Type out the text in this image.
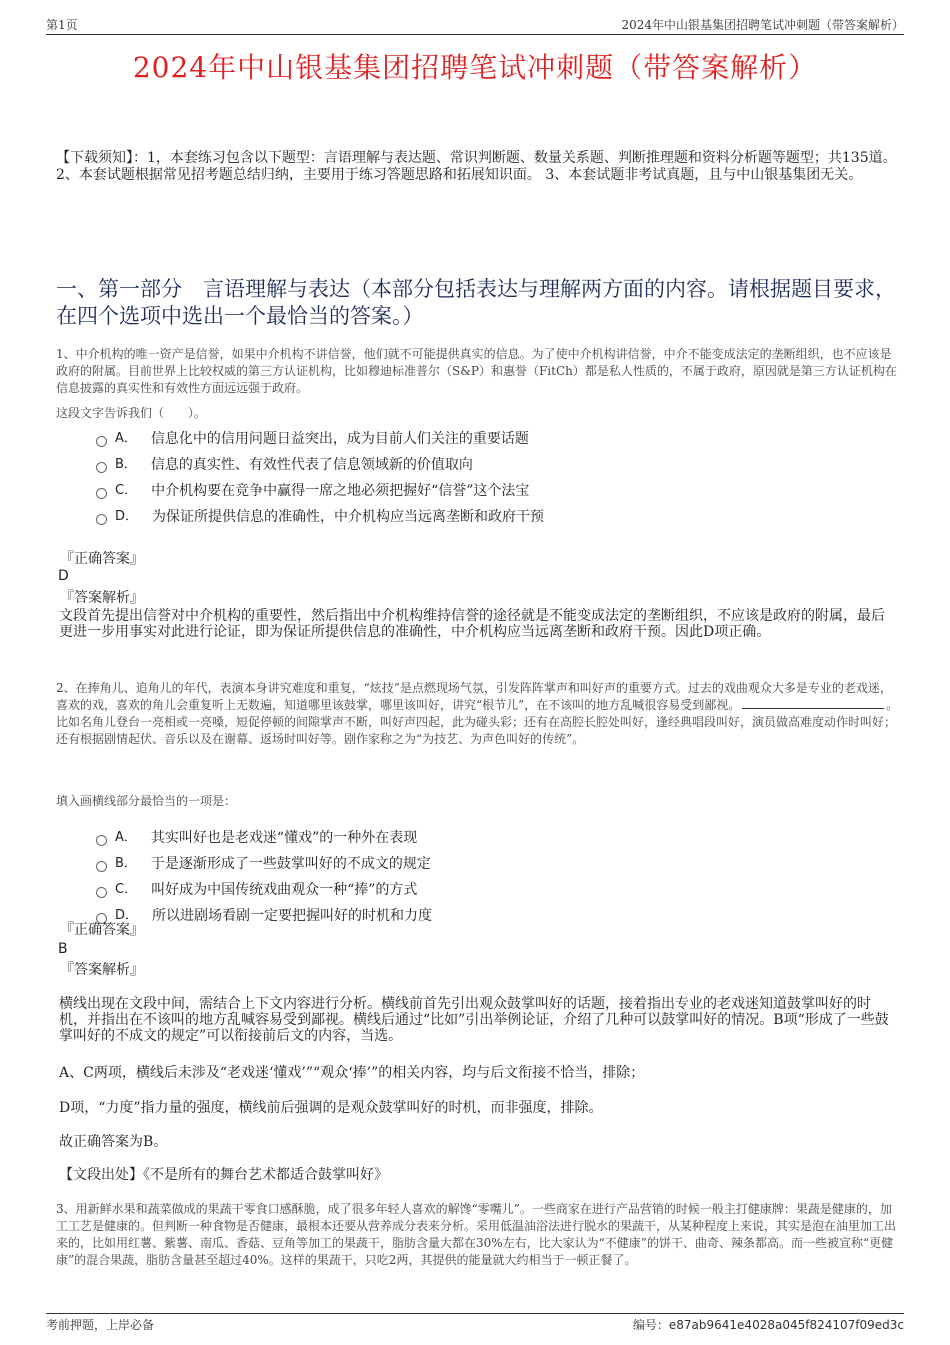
第1页	2024年中山银基集团招聘笔试冲刺题（带答案解析）
2024年中山银基集团招聘笔试冲刺题（带答案解析）
【下载须知】：1，本套练习包含以下题型：言语理解与表达题、常识判断题、数量关系题、判断推理题和资料分析题等题型；共135道。 2、本套试题根据常见招考题总结归纳，主要用于练习答题思路和拓展知识面。 3、本套试题非考试真题，且与中山银基集团无关。
一、第一部分　言语理解与表达（本部分包括表达与理解两方面的内容。请根据题目要求，在四个选项中选出一个最恰当的答案。）
1、中介机构的唯一资产是信誉，如果中介机构不讲信誉，他们就不可能提供真实的信息。为了使中介机构讲信誉，中介不能变成法定的垄断组织，也不应该是政府的附属。目前世界上比较权威的第三方认证机构，比如穆迪标准普尔（S&P）和惠誉（FitCh）都是私人性质的，不属于政府，原因就是第三方认证机构在信息披露的真实性和有效性方面远远强于政府。
这段文字告诉我们（　　）。
A． 信息化中的信用问题日益突出，成为目前人们关注的重要话题
B． 信息的真实性、有效性代表了信息领域新的价值取向
C． 中介机构要在竞争中赢得一席之地必须把握好“信誉”这个法宝
D． 为保证所提供信息的准确性，中介机构应当远离垄断和政府干预
『正确答案』
D
『答案解析』
文段首先提出信誉对中介机构的重要性，然后指出中介机构维持信誉的途径就是不能变成法定的垄断组织，不应该是政府的附属，最后更进一步用事实对此进行论证，即为保证所提供信息的准确性，中介机构应当远离垄断和政府干预。因此D项正确。
2、在捧角儿、追角儿的年代，表演本身讲究难度和重复，“炫技”是点燃现场气氛，引发阵阵掌声和叫好声的重要方式。过去的戏曲观众大多是专业的老戏迷，喜欢的戏，喜欢的角儿会重复听上无数遍，知道哪里该鼓掌，哪里该叫好，讲究“根节儿”，在不该叫的地方乱喊很容易受到鄙视。	。比如名角儿登台一亮相或一亮嗓，短促停顿的间隙掌声不断，叫好声四起，此为碰头彩；还有在高腔长腔处叫好，逢经典唱段叫好，演员做高难度动作时叫好；还有根据剧情起伏、音乐以及在谢幕、返场时叫好等。剧作家称之为“为技艺、为声色叫好的传统”。
填入画横线部分最恰当的一项是：
A． 其实叫好也是老戏迷“懂戏”的一种外在表现
B． 于是逐渐形成了一些鼓掌叫好的不成文的规定
C． 叫好成为中国传统戏曲观众一种“捧”的方式
D． 所以进剧场看剧一定要把握叫好的时机和力度
『正确答案』
B
『答案解析』
横线出现在文段中间，需结合上下文内容进行分析。横线前首先引出观众鼓掌叫好的话题，接着指出专业的老戏迷知道鼓掌叫好的时机，并指出在不该叫的地方乱喊容易受到鄙视。横线后通过“比如”引出举例论证，介绍了几种可以鼓掌叫好的情况。B项“形成了一些鼓掌叫好的不成文的规定”可以衔接前后文的内容，当选。
A、C两项，横线后未涉及“老戏迷‘懂戏’”“观众‘捧’”的相关内容，均与后文衔接不恰当，排除；
D项，“力度”指力量的强度，横线前后强调的是观众鼓掌叫好的时机，而非强度，排除。
故正确答案为B。
【文段出处】《不是所有的舞台艺术都适合鼓掌叫好》
3、用新鲜水果和蔬菜做成的果蔬干零食口感酥脆，成了很多年轻人喜欢的解馋“零嘴儿”。一些商家在进行产品营销的时候一般主打健康牌：果蔬是健康的，加工工艺是健康的。但判断一种食物是否健康，最根本还要从营养成分表来分析。采用低温油浴法进行脱水的果蔬干，从某种程度上来说，其实是泡在油里加工出来的，比如用红薯、紫薯、南瓜、香菇、豆角等加工的果蔬干，脂肪含量大都在30%左右，比大家认为“不健康”的饼干、曲奇、辣条都高。而一些被宣称“更健康”的混合果蔬，脂肪含量甚至超过40%。这样的果蔬干，只吃2两，其提供的能量就大约相当于一顿正餐了。
考前押题，上岸必备	编号：e87ab9641e4028a045f824107f09ed3c
